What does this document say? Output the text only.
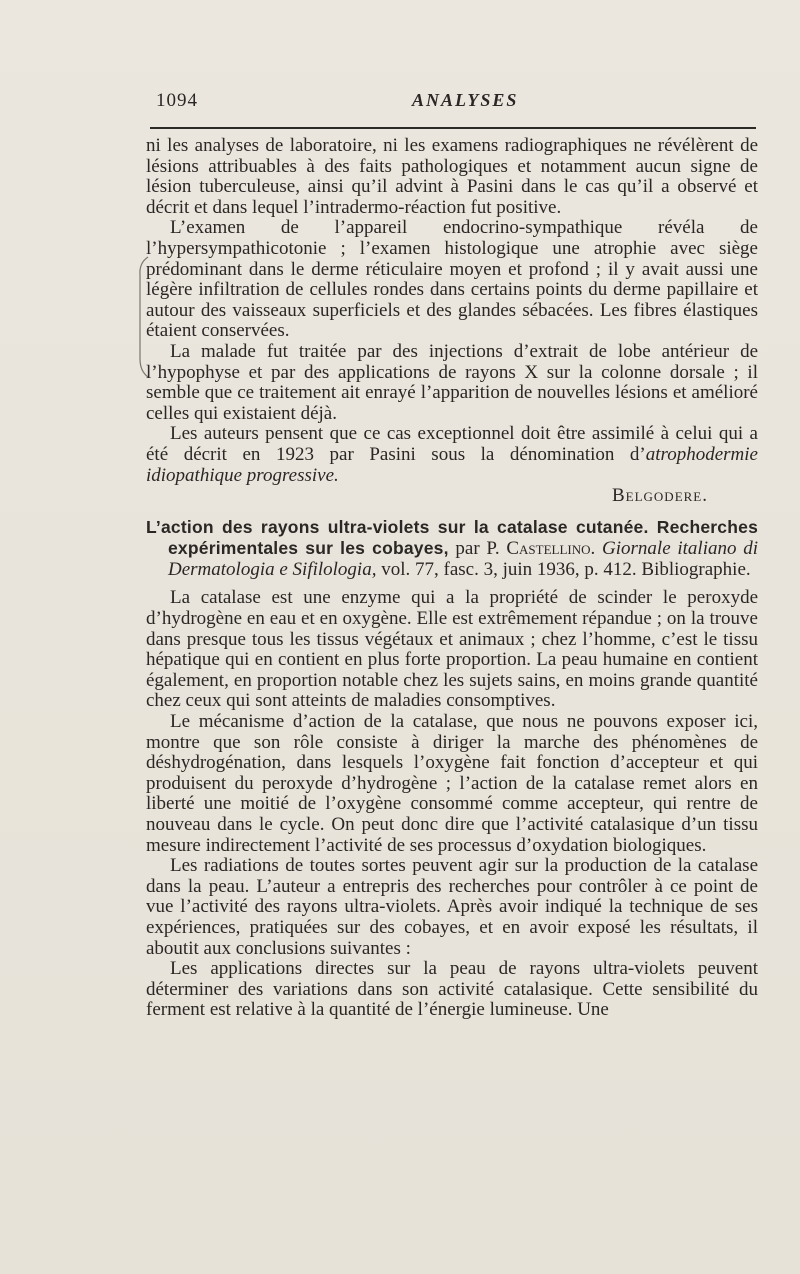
1094	ANALYSES

ni les analyses de laboratoire, ni les examens radiographiques ne révélèrent de lésions attribuables à des faits pathologiques et notamment aucun signe de lésion tuberculeuse, ainsi qu’il advint à Pasini dans le cas qu’il a observé et décrit et dans lequel l’intradermo-réaction fut positive.

L’examen de l’appareil endocrino-sympathique révéla de l’hypersympathicotonie ; l’examen histologique une atrophie avec siège prédominant dans le derme réticulaire moyen et profond ; il y avait aussi une légère infiltration de cellules rondes dans certains points du derme papillaire et autour des vaisseaux superficiels et des glandes sébacées. Les fibres élastiques étaient conservées.

La malade fut traitée par des injections d’extrait de lobe antérieur de l’hypophyse et par des applications de rayons X sur la colonne dorsale ; il semble que ce traitement ait enrayé l’apparition de nouvelles lésions et amélioré celles qui existaient déjà.

Les auteurs pensent que ce cas exceptionnel doit être assimilé à celui qui a été décrit en 1923 par Pasini sous la dénomination d’atrophodermie idiopathique progressive.
Belgodere.

L’action des rayons ultra-violets sur la catalase cutanée. Recherches expérimentales sur les cobayes, par P. Castellino. Giornale italiano di Dermatologia e Sifilologia, vol. 77, fasc. 3, juin 1936, p. 412. Bibliographie.

La catalase est une enzyme qui a la propriété de scinder le peroxyde d’hydrogène en eau et en oxygène. Elle est extrêmement répandue ; on la trouve dans presque tous les tissus végétaux et animaux ; chez l’homme, c’est le tissu hépatique qui en contient en plus forte proportion. La peau humaine en contient également, en proportion notable chez les sujets sains, en moins grande quantité chez ceux qui sont atteints de maladies consomptives.

Le mécanisme d’action de la catalase, que nous ne pouvons exposer ici, montre que son rôle consiste à diriger la marche des phénomènes de déshydrogénation, dans lesquels l’oxygène fait fonction d’accepteur et qui produisent du peroxyde d’hydrogène ; l’action de la catalase remet alors en liberté une moitié de l’oxygène consommé comme accepteur, qui rentre de nouveau dans le cycle. On peut donc dire que l’activité catalasique d’un tissu mesure indirectement l’activité de ses processus d’oxydation biologiques.

Les radiations de toutes sortes peuvent agir sur la production de la catalase dans la peau. L’auteur a entrepris des recherches pour contrôler à ce point de vue l’activité des rayons ultra-violets. Après avoir indiqué la technique de ses expériences, pratiquées sur des cobayes, et en avoir exposé les résultats, il aboutit aux conclusions suivantes :

Les applications directes sur la peau de rayons ultra-violets peuvent déterminer des variations dans son activité catalasique. Cette sensibilité du ferment est relative à la quantité de l’énergie lumineuse. Une
